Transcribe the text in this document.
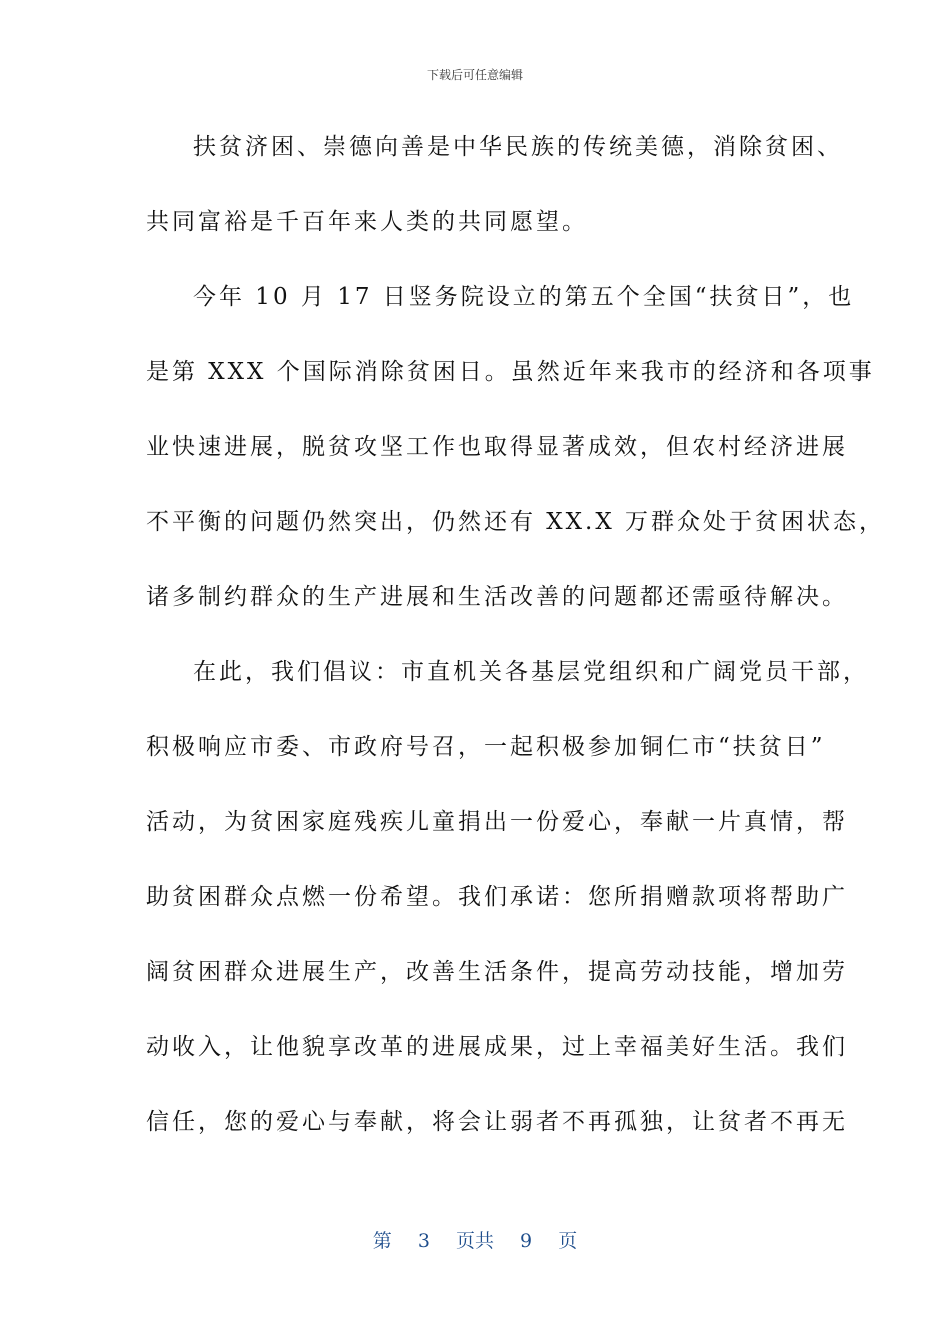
下载后可任意编辑
扶贫济困、崇德向善是中华民族的传统美德，消除贫困、
共同富裕是千百年来人类的共同愿望。
今年 10 月 17 日竖务院设立的第五个全国“扶贫日”，也
是第 XXX 个国际消除贫困日。虽然近年来我市的经济和各项事
业快速进展，脱贫攻坚工作也取得显著成效，但农村经济进展
不平衡的问题仍然突出，仍然还有 XX.X 万群众处于贫困状态，
诸多制约群众的生产进展和生活改善的问题都还需亟待解决。
在此，我们倡议：市直机关各基层党组织和广阔党员干部，
积极响应市委、市政府号召，一起积极参加铜仁市“扶贫日”
活动，为贫困家庭残疾儿童捐出一份爱心，奉献一片真情，帮
助贫困群众点燃一份希望。我们承诺：您所捐赠款项将帮助广
阔贫困群众进展生产，改善生活条件，提高劳动技能，增加劳
动收入，让他貌享改革的进展成果，过上幸福美好生活。我们
信任，您的爱心与奉献，将会让弱者不再孤独，让贫者不再无
第 3 页共 9 页
